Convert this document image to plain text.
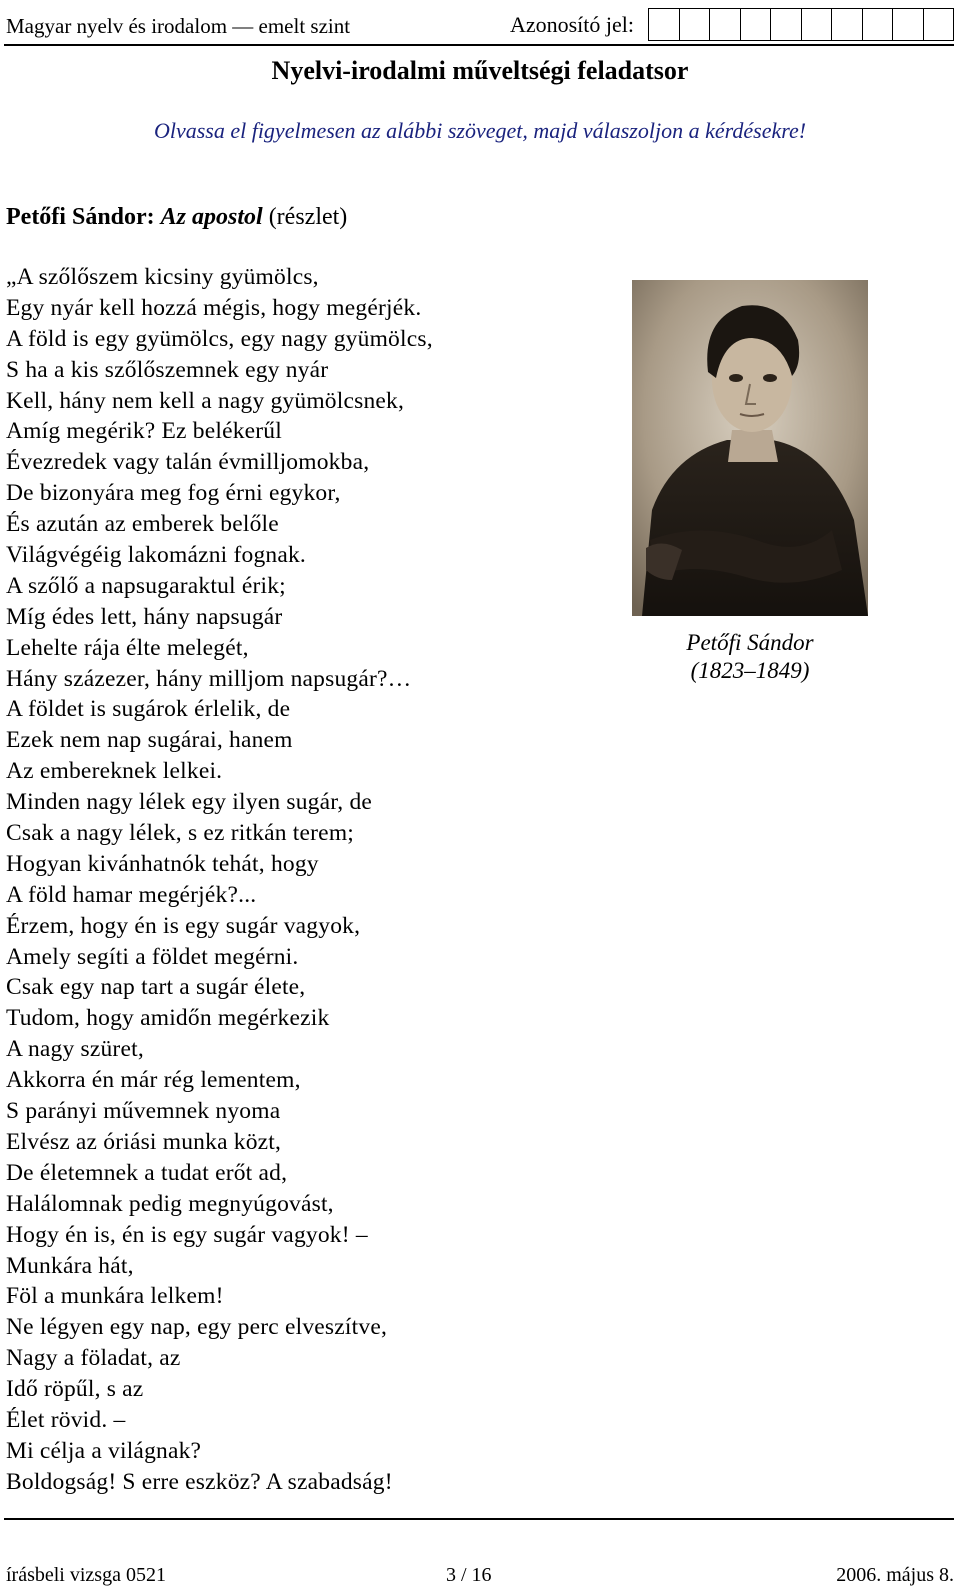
Magyar nyelv és irodalom — emelt szint	Azonosító jel:
Nyelvi-irodalmi műveltségi feladatsor
Olvassa el figyelmesen az alábbi szöveget, majd válaszoljon a kérdésekre!
Petőfi Sándor: Az apostol (részlet)
„A szőlőszem kicsiny gyümölcs,
Egy nyár kell hozzá mégis, hogy megérjék.
A föld is egy gyümölcs, egy nagy gyümölcs,
S ha a kis szőlőszemnek egy nyár
Kell, hány nem kell a nagy gyümölcsnek,
Amíg megérik? Ez belékerűl
Évezredek vagy talán évmilljomokba,
De bizonyára meg fog érni egykor,
És azután az emberek belőle
Világvégéig lakomázni fognak.
A szőlő a napsugaraktul érik;
Míg édes lett, hány napsugár
Lehelte rája élte melegét,
Hány százezer, hány milljom napsugár?…
A földet is sugárok érlelik, de
Ezek nem nap sugárai, hanem
Az embereknek lelkei.
Minden nagy lélek egy ilyen sugár, de
Csak a nagy lélek, s ez ritkán terem;
Hogyan kivánhatnók tehát, hogy
A föld hamar megérjék?...
Érzem, hogy én is egy sugár vagyok,
Amely segíti a földet megérni.
Csak egy nap tart a sugár élete,
Tudom, hogy amidőn megérkezik
A nagy szüret,
Akkorra én már rég lementem,
S parányi művemnek nyoma
Elvész az óriási munka közt,
De életemnek a tudat erőt ad,
Halálomnak pedig megnyúgovást,
Hogy én is, én is egy sugár vagyok! –
Munkára hát,
Föl a munkára lelkem!
Ne légyen egy nap, egy perc elveszítve,
Nagy a föladat, az
Idő röpűl, s az
Élet rövid. –
Mi célja a világnak?
Boldogság! S erre eszköz? A szabadság!
Petőfi Sándor
(1823–1849)
írásbeli vizsga 0521	3 / 16	2006. május 8.
